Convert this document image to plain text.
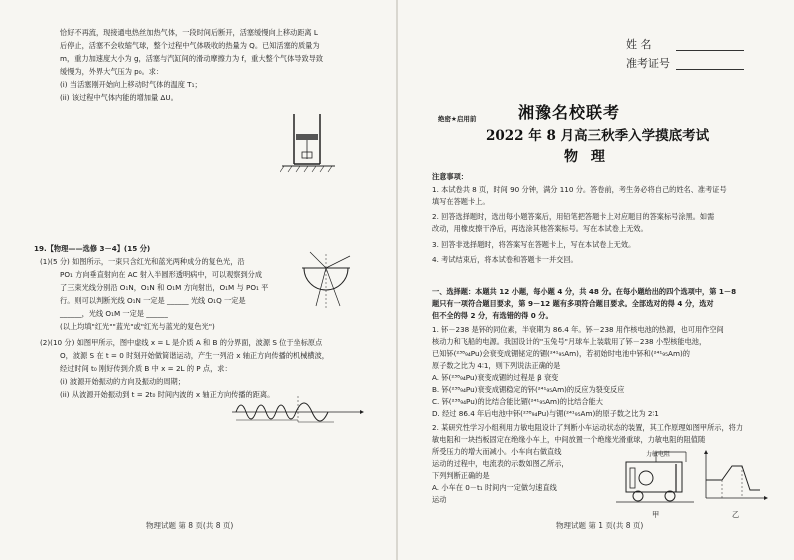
恰好不再流，现接通电热丝加热气体，一段时间后断开，活塞缓慢向上移动距离 L
后停止，活塞不会收缩气球，整个过程中气体吸收的热量为 Q。已知活塞的质量为
m，重力加速度大小为 g，活塞与汽缸间的滑动摩擦力为 f，重大整个气体导致导致
缓慢为，外界大气压为 p₀。求：
(i) 当活塞刚开始向上移动时气体的温度 T₁；
(ii) 该过程中气体内能的增加量 ΔU。
19.【物理——选修 3－4】(15 分)
(1)(5 分) 如图所示，一束只含红光和蓝光两种成分的复色光，沿
PO₁ 方向垂直射向在 AC 射入半圆形透明病中，可以观察到分成
了三束光线分别沿 O₁N，O₁N 和 O₁M 方向射出，O₁M 与 PO₁ 平
行。则可以判断光线 O₁N 一定是 ______ 光线 O₁Q 一定是
______，光线 O₁M 一定是 ______
(以上均填"红光""蓝光"或"红光与蓝光的复色光")
(2)(10 分) 如图甲所示，图中虚线 x = L 是介质 A 和 B 的分界面，波源 S 位于坐标原点
O，波源 S 在 t = 0 时刻开始做简谐运动，产生一列沿 x 轴正方向传播的机械横波，
经过时间 t₀ 刚好传到介质 B 中 x = 2L 的 P 点，求：
(i) 波源开始振动的方向及振动的周期；
(ii) 从波源开始振动到 t = 2t₀ 时间内波的 x 轴正方向传播的距离。
物理试题 第 8 页(共 8 页)
姓 名
准考证号
绝密★启用前	湘豫名校联考
2022 年 8 月高三秋季入学摸底考试
物 理
注意事项：
1. 本试卷共 8 页，时间 90 分钟，满分 110 分。答卷前，考生务必将自己的姓名、准考证号
填写在答题卡上。
2. 回答选择题时，选出每小题答案后，用铅笔把答题卡上对应题目的答案标号涂黑。如需
改动，用橡皮擦干净后，再选涂其他答案标号。写在本试卷上无效。
3. 回答非选择题时，将答案写在答题卡上，写在本试卷上无效。
4. 考试结束后，将本试卷和答题卡一并交回。
一、选择题：本题共 12 小题，每小题 4 分，共 48 分。在每小题给出的四个选项中，第 1－8
题只有一项符合题目要求，第 9－12 题有多项符合题目要求。全部选对的得 4 分，选对
但不全的得 2 分，有选错的得 0 分。
1. 钚－238 是钚的同位素，半衰期为 86.4 年。钚－238 用作核电池的热源，也可用作空间
核动力和飞船的电源。我国设计的"玉兔号"月球车上装载用了钚－238 小型核能电池，
已知钚(²³⁸₉₄Pu)会衰变成镅铋定的镅(²⁴¹₉₅Am)，若初始时电池中钚和(²⁴¹₉₅Am)的
原子数之比为 4∶1，则下列说法正确的是
A. 钚(²³⁸₉₄Pu)衰变成镅的过程是 β 衰变
B. 钚(²³⁸₉₄Pu)衰变成镅稳定的钚(²⁴¹₉₅Am)的反应为裂变反应
C. 钚(²³⁸₉₄Pu)的比结合能比镅(²⁴¹₉₅Am)的比结合能大
D. 经过 86.4 年后电池中钚(²³⁸₉₄Pu)与镅(²⁴¹₉₅Am)的原子数之比为 2∶1
2. 某研究性学习小组利用力敏电阻设计了判断小车运动状态的装置，其工作原理如图甲所示，将力
敏电阻和一块挡板固定在绝缘小车上，中间放置一个绝缘光滑重球，力敏电阻的阻值随
所受压力的增大而减小。小车向右做直线
运动的过程中，电流表的示数如图乙所示，
下列判断正确的是
A. 小车在 0－t₁ 时间内一定做匀速直线
运动
力敏电阻
甲	乙
物理试题 第 1 页(共 8 页)
